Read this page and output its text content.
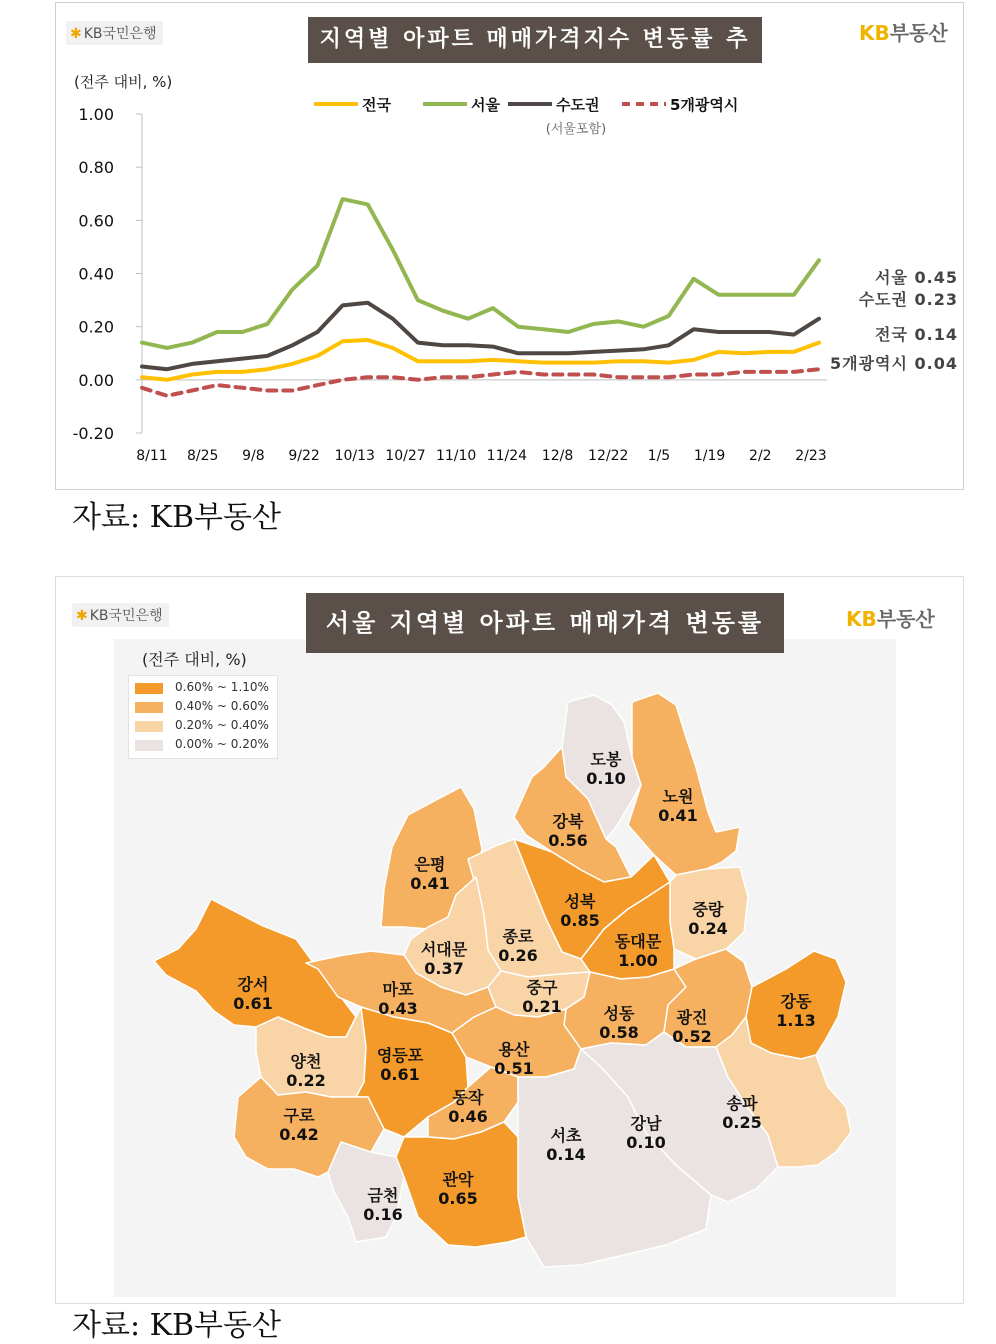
✱ KB국민은행	지역별 아파트 매매가격지수 변동률 추이
KB부동산
(전주 대비, %)
1.00
0.80
0.60
0.40
0.20
0.00
-0.20
8/11 8/25 9/8 9/22 10/13 10/27 11/10 11/24 12/8 12/22 1/5 1/19 2/2 2/23
전국	서울	수도권	5개광역시
서울 0.45
수도권 0.23
전국 0.14
5개광역시 0.04
(서울포함)
자료: KB부동산
✱ KB국민은행	서울 지역별 아파트 매매가격 변동률	KB부동산
(전주 대비, %)
0.60% ~ 1.10%
0.40% ~ 0.60%
0.20% ~ 0.40%
0.00% ~ 0.20%
도봉
0.10
노원
0.41
강북
0.56
은평
0.41
성북
0.85
중랑
0.24
종로
0.26
서대문
0.37
동대문
1.00
강서
0.61
마포
0.43
중구
0.21	성동
0.58
광진
0.52
강동
1.13
양천
0.22
영등포
0.61
용산
0.51
동작
0.46
구로
0.42	서초
0.14
강남
0.10
송파
0.25
금천
0.16
관악
0.65
자료: KB부동산
